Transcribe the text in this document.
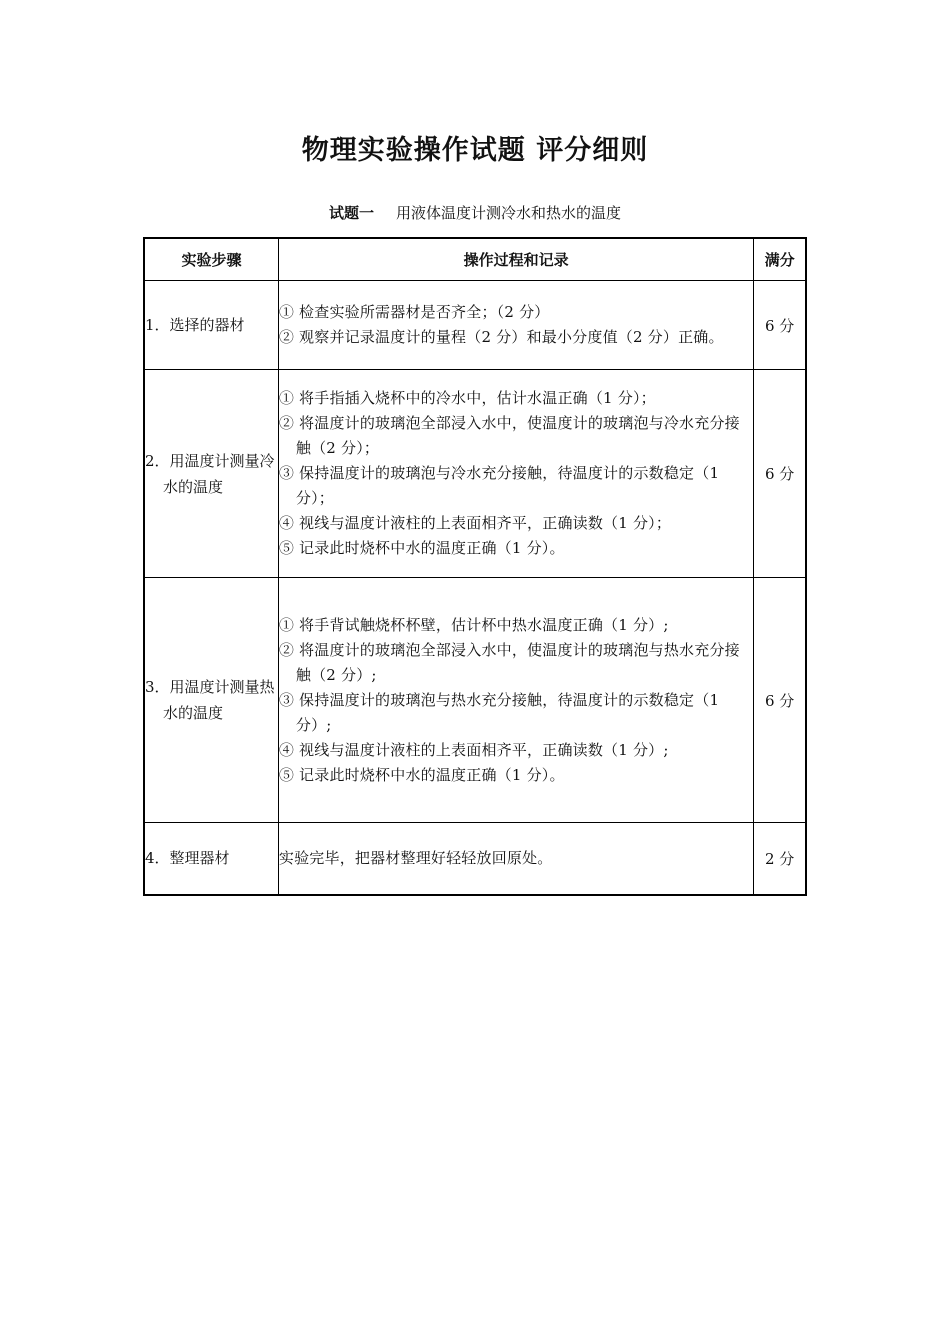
物理实验操作试题 评分细则
试题一 用液体温度计测冷水和热水的温度
实验步骤	操作过程和记录	满分

1．选择的器材	① 检查实验所需器材是否齐全；（2 分）
② 观察并记录温度计的量程（2 分）和最小分度值（2 分）正确。	6 分

2．用温度计测量冷水的温度	① 将手指插入烧杯中的冷水中，估计水温正确（1 分）；
② 将温度计的玻璃泡全部浸入水中，使温度计的玻璃泡与冷水充分接触（2 分）；
③ 保持温度计的玻璃泡与冷水充分接触，待温度计的示数稳定（1 分）；
④ 视线与温度计液柱的上表面相齐平，正确读数（1 分）；
⑤ 记录此时烧杯中水的温度正确（1 分）。	6 分

3．用温度计测量热水的温度	① 将手背试触烧杯杯壁，估计杯中热水温度正确（1 分）;
② 将温度计的玻璃泡全部浸入水中，使温度计的玻璃泡与热水充分接触（2 分）;
③ 保持温度计的玻璃泡与热水充分接触，待温度计的示数稳定（1 分）;
④ 视线与温度计液柱的上表面相齐平，正确读数（1 分）;
⑤ 记录此时烧杯中水的温度正确（1 分）。	6 分

4．整理器材	实验完毕，把器材整理好轻轻放回原处。	2 分
